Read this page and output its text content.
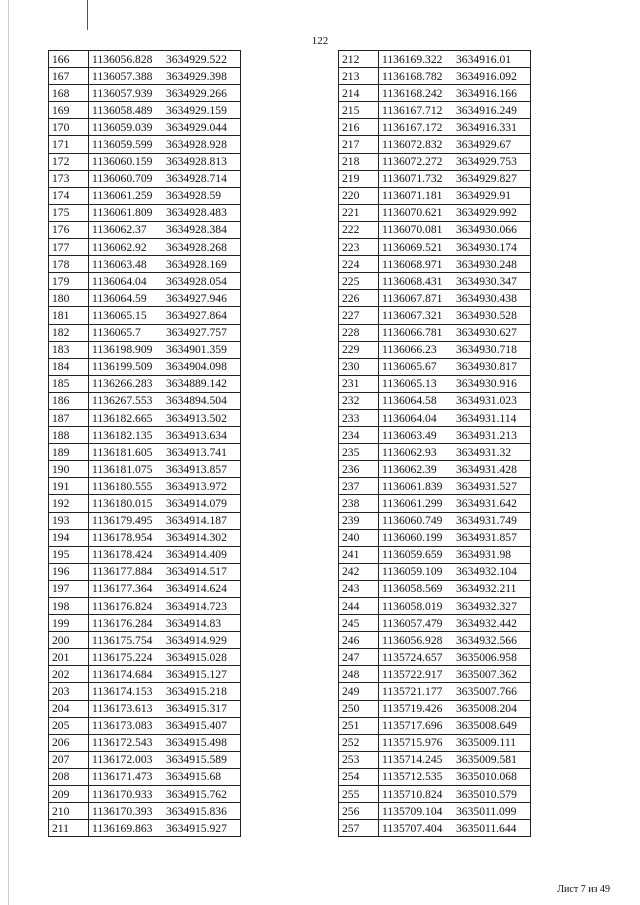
122
166	1136056.828 3634929.522
167	1136057.388 3634929.398
168	1136057.939 3634929.266
169	1136058.489 3634929.159
170	1136059.039 3634929.044
171	1136059.599 3634928.928
172	1136060.159 3634928.813
173	1136060.709 3634928.714
174	1136061.259 3634928.59
175	1136061.809 3634928.483
176	1136062.37 3634928.384
177	1136062.92 3634928.268
178	1136063.48 3634928.169
179	1136064.04 3634928.054
180	1136064.59 3634927.946
181	1136065.15 3634927.864
182	1136065.7 3634927.757
183	1136198.909 3634901.359
184	1136199.509 3634904.098
185	1136266.283 3634889.142
186	1136267.553 3634894.504
187	1136182.665 3634913.502
188	1136182.135 3634913.634
189	1136181.605 3634913.741
190	1136181.075 3634913.857
191	1136180.555 3634913.972
192	1136180.015 3634914.079
193	1136179.495 3634914.187
194	1136178.954 3634914.302
195	1136178.424 3634914.409
196	1136177.884 3634914.517
197	1136177.364 3634914.624
198	1136176.824 3634914.723
199	1136176.284 3634914.83
200	1136175.754 3634914.929
201	1136175.224 3634915.028
202	1136174.684 3634915.127
203	1136174.153 3634915.218
204	1136173.613 3634915.317
205	1136173.083 3634915.407
206	1136172.543 3634915.498
207	1136172.003 3634915.589
208	1136171.473 3634915.68
209	1136170.933 3634915.762
210	1136170.393 3634915.836
211	1136169.863 3634915.927
212	1136169.322 3634916.01
213	1136168.782 3634916.092
214	1136168.242 3634916.166
215	1136167.712 3634916.249
216	1136167.172 3634916.331
217	1136072.832 3634929.67
218	1136072.272 3634929.753
219	1136071.732 3634929.827
220	1136071.181 3634929.91
221	1136070.621 3634929.992
222	1136070.081 3634930.066
223	1136069.521 3634930.174
224	1136068.971 3634930.248
225	1136068.431 3634930.347
226	1136067.871 3634930.438
227	1136067.321 3634930.528
228	1136066.781 3634930.627
229	1136066.23 3634930.718
230	1136065.67 3634930.817
231	1136065.13 3634930.916
232	1136064.58 3634931.023
233	1136064.04 3634931.114
234	1136063.49 3634931.213
235	1136062.93 3634931.32
236	1136062.39 3634931.428
237	1136061.839 3634931.527
238	1136061.299 3634931.642
239	1136060.749 3634931.749
240	1136060.199 3634931.857
241	1136059.659 3634931.98
242	1136059.109 3634932.104
243	1136058.569 3634932.211
244	1136058.019 3634932.327
245	1136057.479 3634932.442
246	1136056.928 3634932.566
247	1135724.657 3635006.958
248	1135722.917 3635007.362
249	1135721.177 3635007.766
250	1135719.426 3635008.204
251	1135717.696 3635008.649
252	1135715.976 3635009.111
253	1135714.245 3635009.581
254	1135712.535 3635010.068
255	1135710.824 3635010.579
256	1135709.104 3635011.099
257	1135707.404 3635011.644
Лист 7 из 49
